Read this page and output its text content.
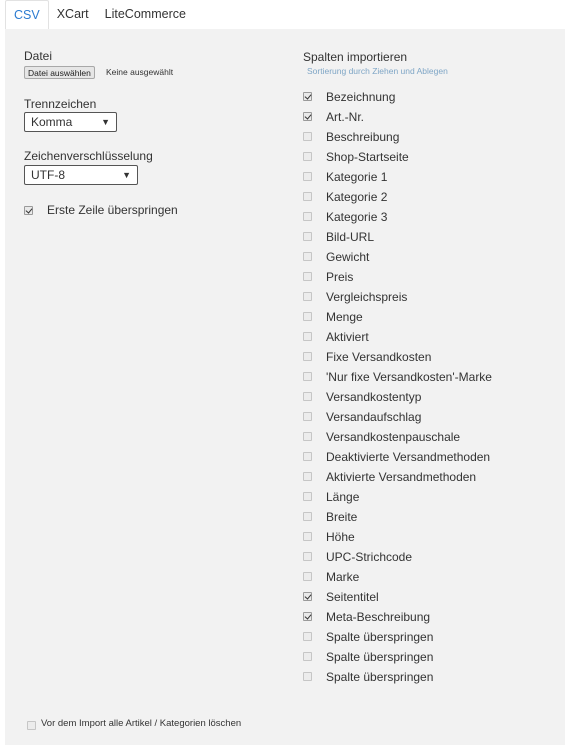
CSV	XCart	LiteCommerce
Datei
Datei auswählen	Keine ausgewählt
Trennzeichen
Komma	▼
Zeichenverschlüsselung
UTF-8	▼
Erste Zeile überspringen
Spalten importieren
Sortierung durch Ziehen und Ablegen
Bezeichnung
Art.-Nr.
Beschreibung
Shop-Startseite
Kategorie 1
Kategorie 2
Kategorie 3
Bild-URL
Gewicht
Preis
Vergleichspreis
Menge
Aktiviert
Fixe Versandkosten
'Nur fixe Versandkosten'-Marke
Versandkostentyp
Versandaufschlag
Versandkostenpauschale
Deaktivierte Versandmethoden
Aktivierte Versandmethoden
Länge
Breite
Höhe
UPC-Strichcode
Marke
Seitentitel
Meta-Beschreibung
Spalte überspringen
Spalte überspringen
Spalte überspringen
Vor dem Import alle Artikel / Kategorien löschen
